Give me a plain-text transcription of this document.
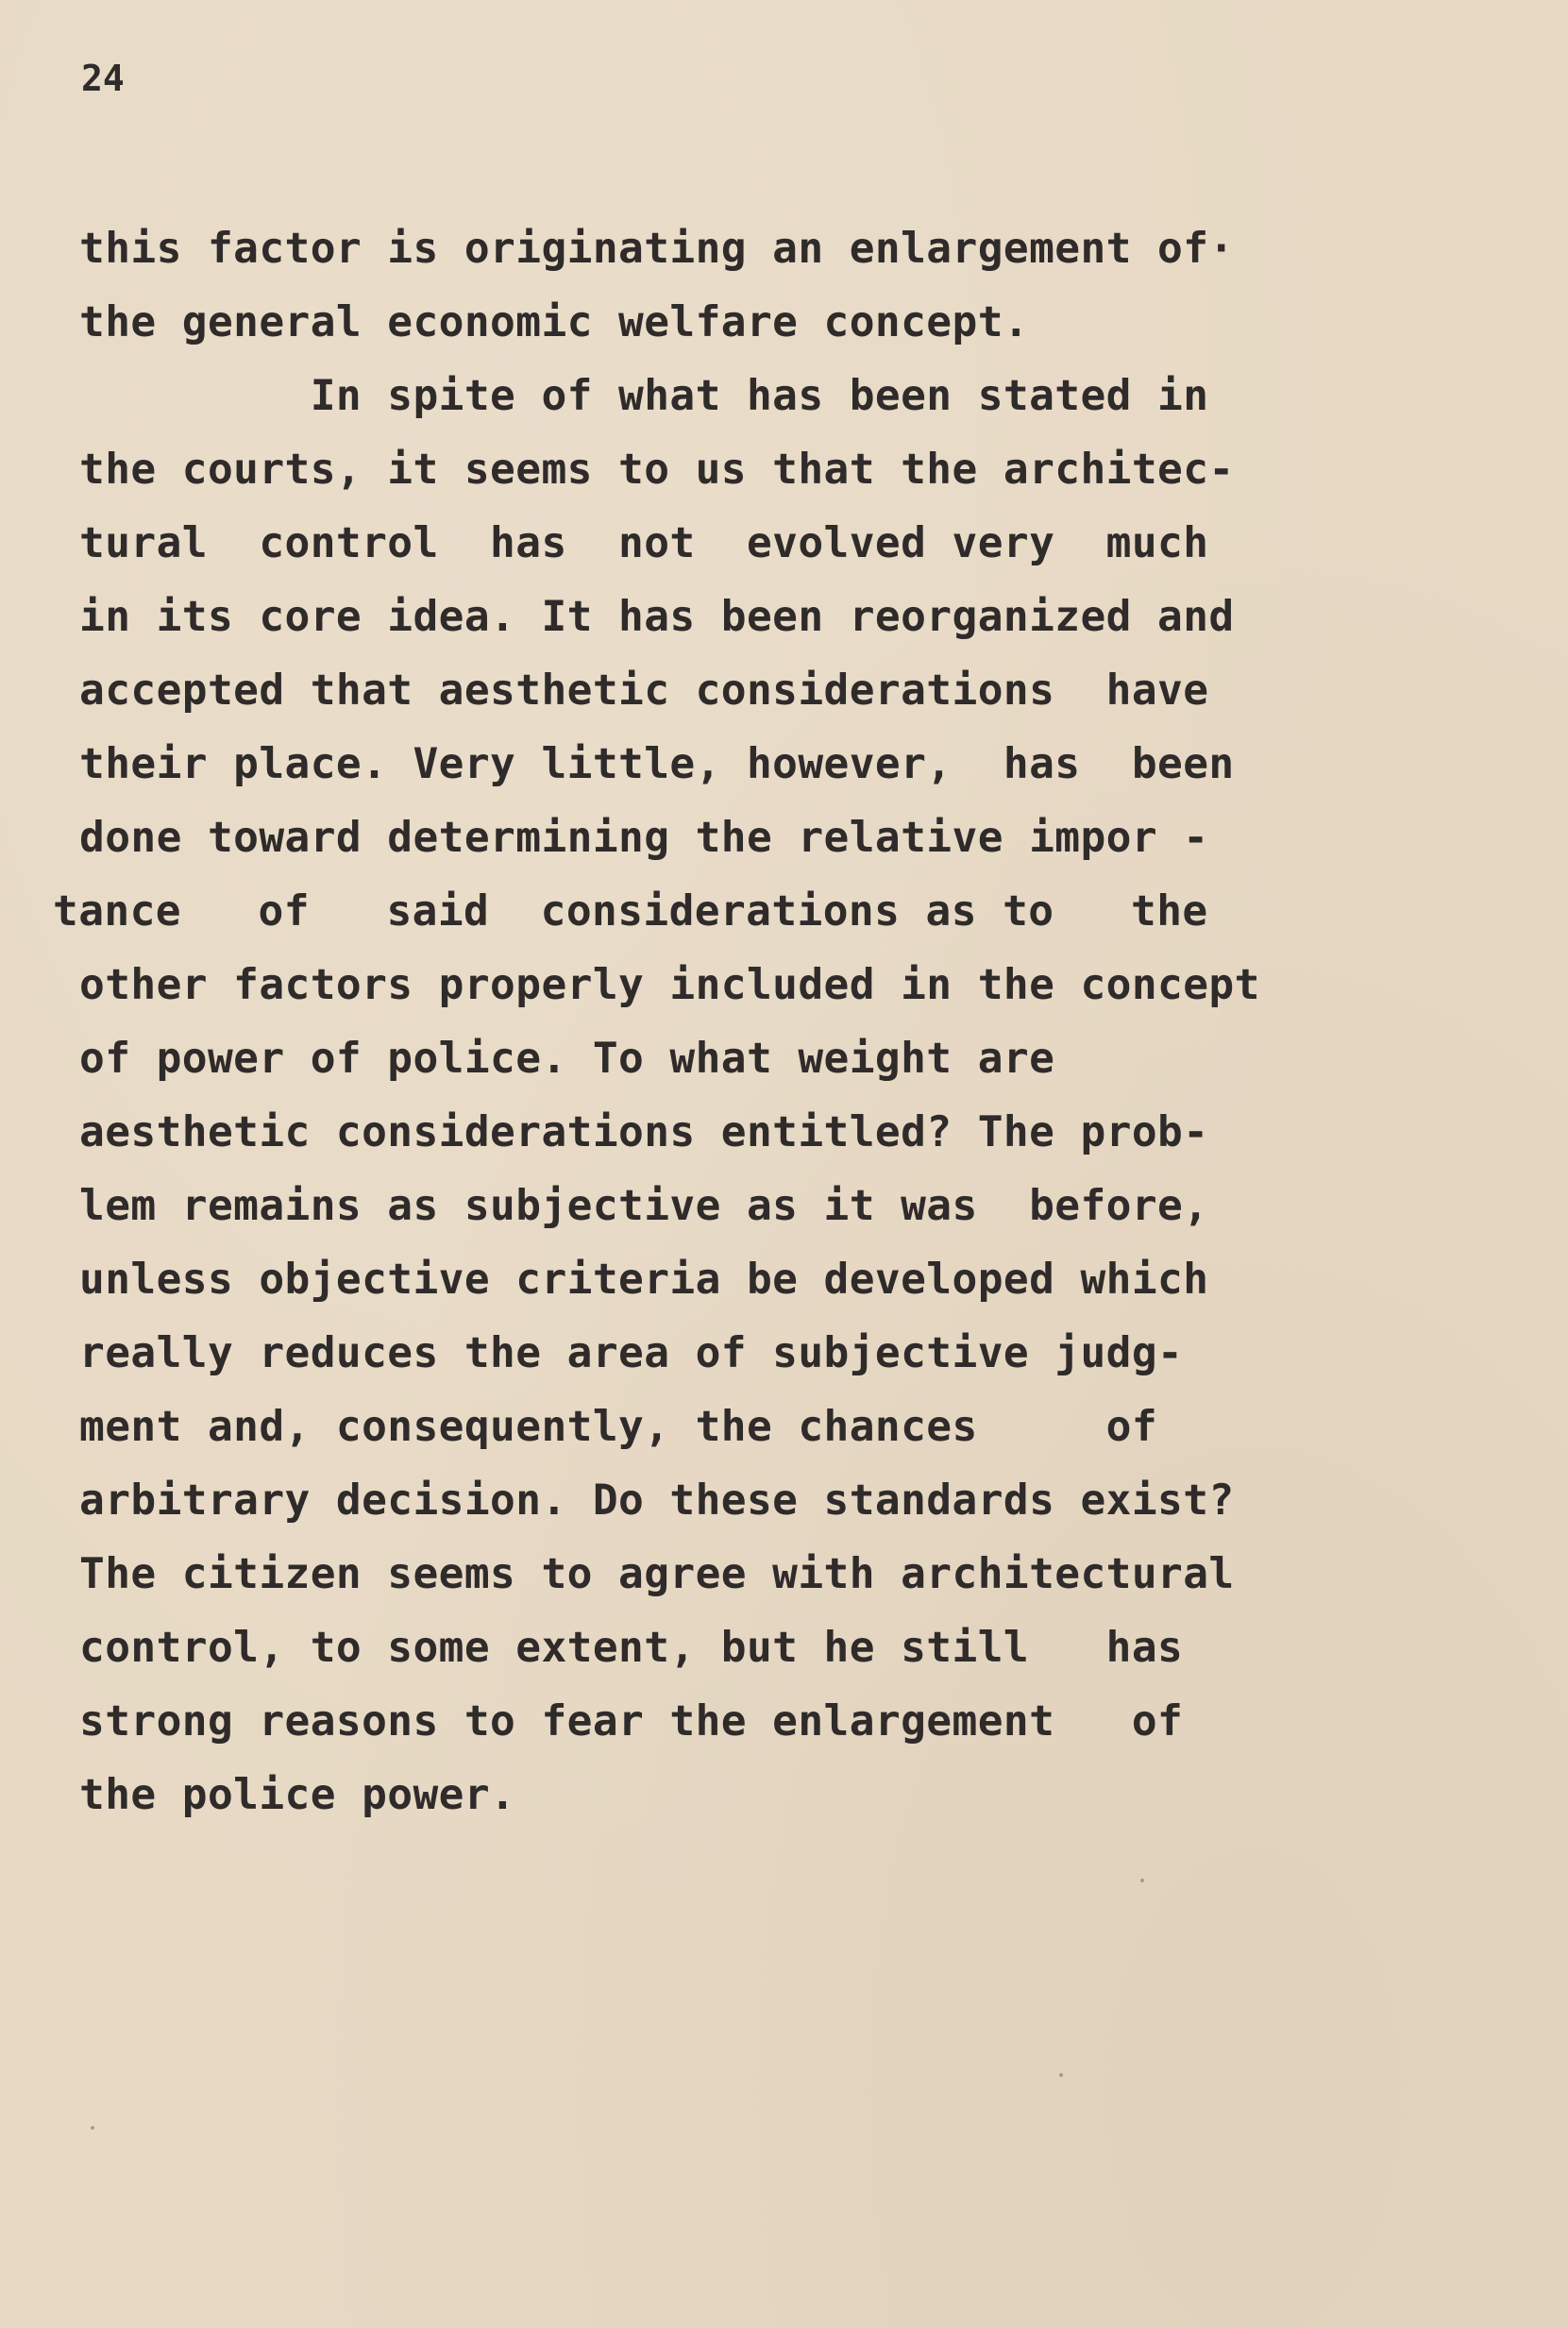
24
this factor is originating an enlargement of·
the general economic welfare concept.
In spite of what has been stated in
the courts, it seems to us that the architec-
tural  control  has  not  evolved very  much
in its core idea. It has been reorganized and
accepted that aesthetic considerations  have
their place. Very little, however,  has  been
done toward determining the relative impor -
tance   of   said  considerations as to   the
other factors properly included in the concept
of power of police. To what weight are
aesthetic considerations entitled? The prob-
lem remains as subjective as it was  before,
unless objective criteria be developed which
really reduces the area of subjective judg-
ment and, consequently, the chances     of
arbitrary decision. Do these standards exist?
The citizen seems to agree with architectural
control, to some extent, but he still   has
strong reasons to fear the enlargement   of
the police power.
